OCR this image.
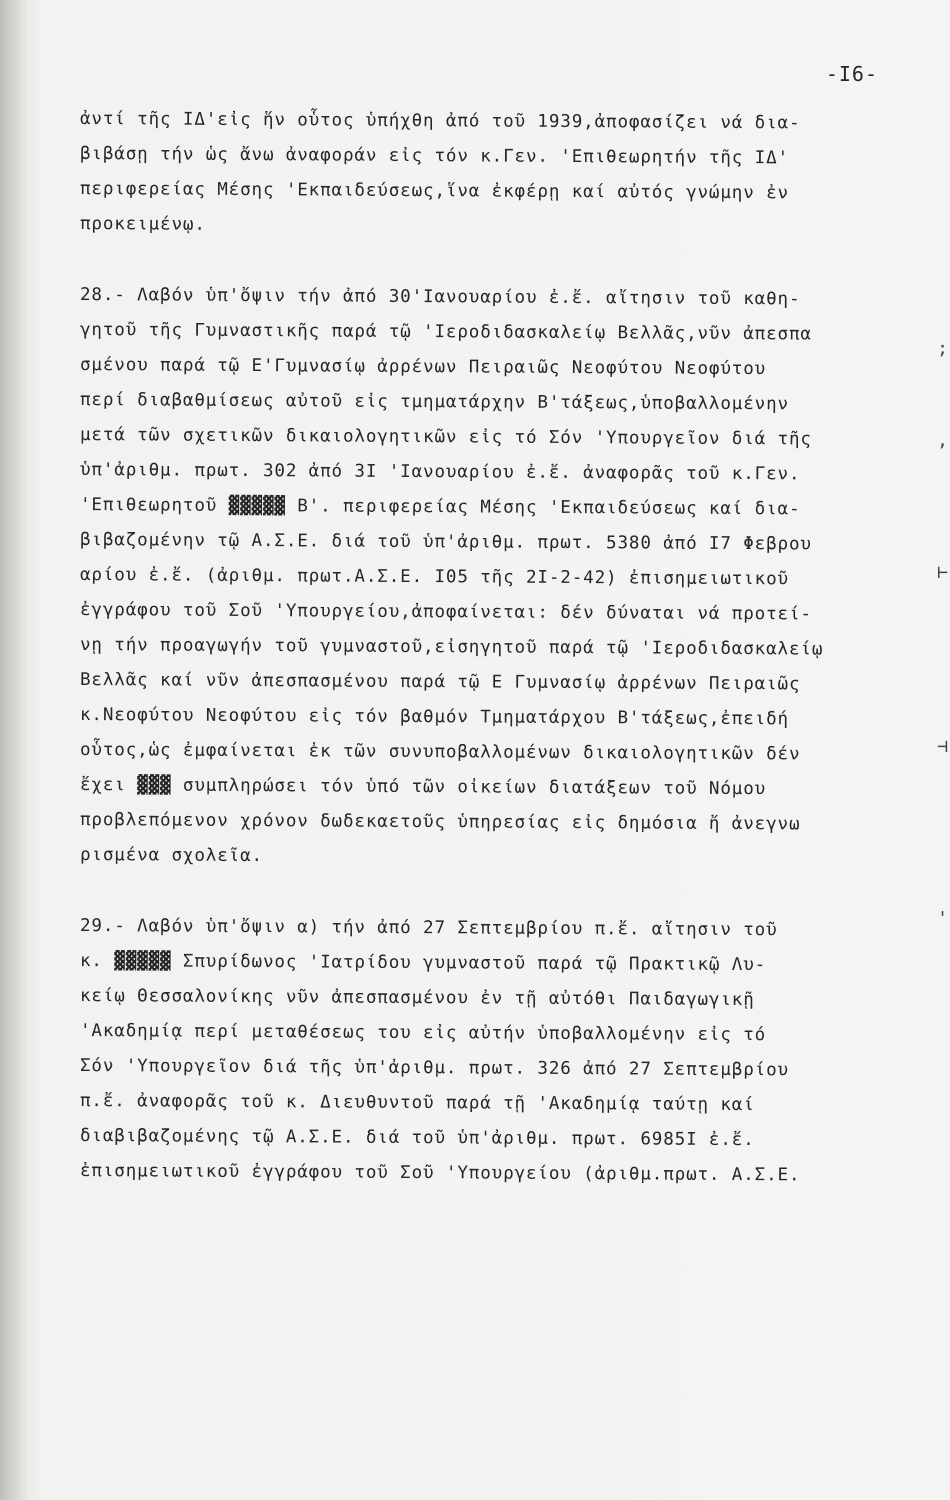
;
,
⊢
⊣
'
-I6-
ἀντί τῆς ΙΔ'εἰς ἥν οὗτος ὑπήχθη ἀπό τοῦ 1939,ἀποφασίζει νά δια-
βιβάσῃ τήν ὡς ἄνω ἀναφοράν εἰς τόν κ.Γεν. 'Επιθεωρητήν τῆς ΙΔ'
περιφερείας Μέσης 'Εκπαιδεύσεως,ἵνα ἐκφέρῃ καί αὐτός γνώμην ἐν
προκειμένῳ.
28.- Λαβόν ὑπ'ὄψιν τήν ἀπό 30'Ιανουαρίου ἐ.ἔ. αἴτησιν τοῦ καθη-
γητοῦ τῆς Γυμναστικῆς παρά τῷ 'Ιεροδιδασκαλείῳ Βελλᾶς,νῦν ἀπεσπα
σμένου παρά τῷ Ε'Γυμνασίῳ ἀρρένων Πειραιῶς Νεοφύτου Νεοφύτου
περί διαβαθμίσεως αὐτοῦ εἰς τμηματάρχην Β'τάξεως,ὑποβαλλομένην
μετά τῶν σχετικῶν δικαιολογητικῶν εἰς τό Σόν 'Υπουργεῖον διά τῆς
ὑπ'ἀριθμ. πρωτ. 302 ἀπό 3I 'Ιανουαρίου ἐ.ἔ. ἀναφορᾶς τοῦ κ.Γεν.
'Επιθεωρητοῦ ▓▓▓▓▓ Β'. περιφερείας Μέσης 'Εκπαιδεύσεως καί δια-
βιβαζομένην τῷ Α.Σ.Ε. διά τοῦ ὑπ'ἀριθμ. πρωτ. 5380 ἀπό I7 Φεβρου
αρίου ἐ.ἔ. (ἀριθμ. πρωτ.Α.Σ.Ε. I05 τῆς 2I-2-42) ἐπισημειωτικοῦ
ἐγγράφου τοῦ Σοῦ 'Υπουργείου,ἀποφαίνεται: δέν δύναται νά προτεί-
νῃ τήν προαγωγήν τοῦ γυμναστοῦ,εἰσηγητοῦ παρά τῷ 'Ιεροδιδασκαλείῳ
Βελλᾶς καί νῦν ἀπεσπασμένου παρά τῷ Ε Γυμνασίῳ ἀρρένων Πειραιῶς
κ.Νεοφύτου Νεοφύτου εἰς τόν βαθμόν Τμηματάρχου Β'τάξεως,ἐπειδή
οὗτος,ὡς ἐμφαίνεται ἐκ τῶν συνυποβαλλομένων δικαιολογητικῶν δέν
ἔχει ▓▓▓ συμπληρώσει τόν ὑπό τῶν οἰκείων διατάξεων τοῦ Νόμου
προβλεπόμενον χρόνον δωδεκαετοῦς ὑπηρεσίας εἰς δημόσια ἤ ἀνεγνω
ρισμένα σχολεῖα.
29.- Λαβόν ὑπ'ὄψιν α) τήν ἀπό 27 Σεπτεμβρίου π.ἔ. αἴτησιν τοῦ
κ. ▓▓▓▓▓ Σπυρίδωνος 'Ιατρίδου γυμναστοῦ παρά τῷ Πρακτικῷ Λυ-
κείῳ Θεσσαλονίκης νῦν ἀπεσπασμένου ἐν τῇ αὐτόθι Παιδαγωγικῇ
'Ακαδημίᾳ περί μεταθέσεως του εἰς αὐτήν ὑποβαλλομένην εἰς τό
Σόν 'Υπουργεῖον διά τῆς ὑπ'ἀριθμ. πρωτ. 326 ἀπό 27 Σεπτεμβρίου
π.ἔ. ἀναφορᾶς τοῦ κ. Διευθυντοῦ παρά τῇ 'Ακαδημίᾳ ταύτῃ καί
διαβιβαζομένης τῷ Α.Σ.Ε. διά τοῦ ὑπ'ἀριθμ. πρωτ. 6985I ἐ.ἔ.
ἐπισημειωτικοῦ ἐγγράφου τοῦ Σοῦ 'Υπουργείου (ἀριθμ.πρωτ. Α.Σ.Ε.
